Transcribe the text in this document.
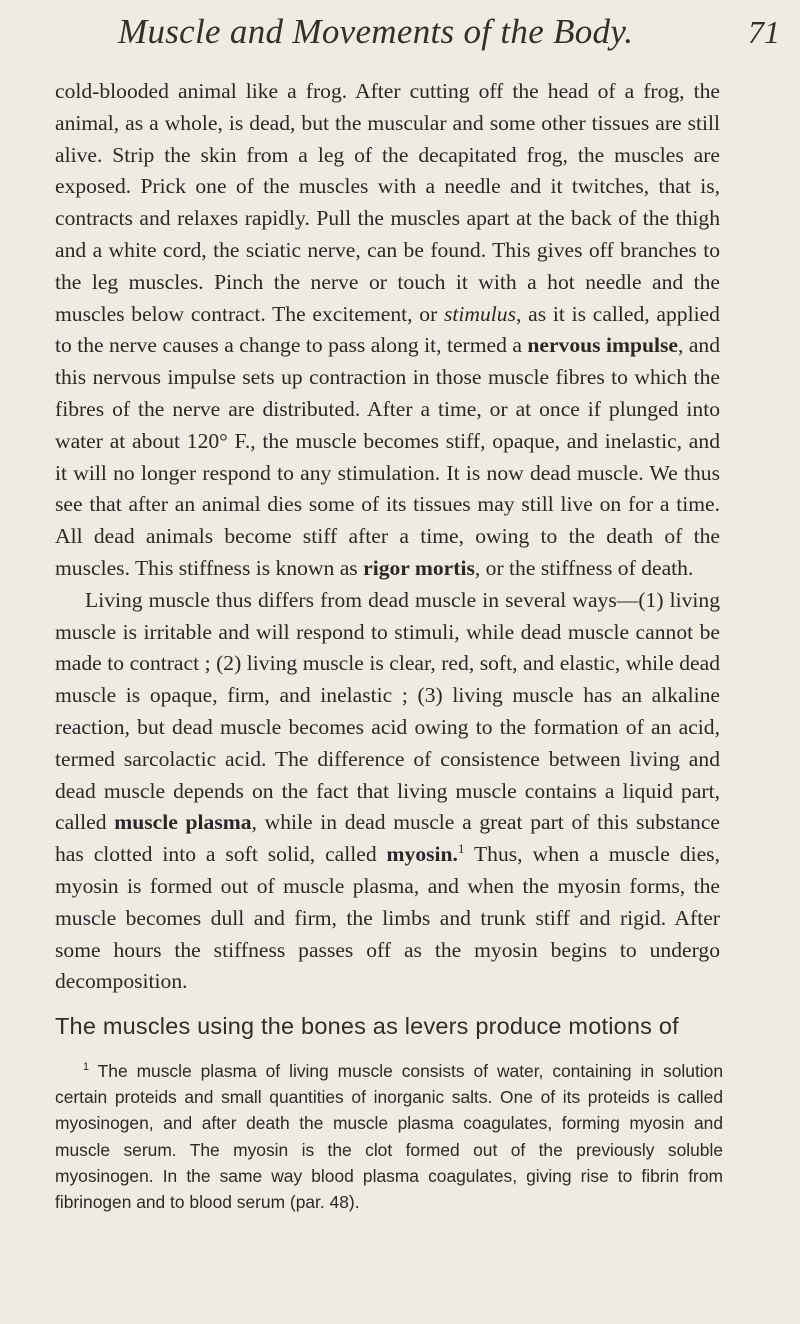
Muscle and Movements of the Body.	71

cold-blooded animal like a frog. After cutting off the head of a frog, the animal, as a whole, is dead, but the muscular and some other tissues are still alive. Strip the skin from a leg of the decapitated frog, the muscles are exposed. Prick one of the muscles with a needle and it twitches, that is, contracts and relaxes rapidly. Pull the muscles apart at the back of the thigh and a white cord, the sciatic nerve, can be found. This gives off branches to the leg muscles. Pinch the nerve or touch it with a hot needle and the muscles below contract. The excitement, or stimulus, as it is called, applied to the nerve causes a change to pass along it, termed a nervous impulse, and this nervous impulse sets up contraction in those muscle fibres to which the fibres of the nerve are distributed. After a time, or at once if plunged into water at about 120° F., the muscle becomes stiff, opaque, and inelastic, and it will no longer respond to any stimulation. It is now dead muscle. We thus see that after an animal dies some of its tissues may still live on for a time. All dead animals become stiff after a time, owing to the death of the muscles. This stiffness is known as rigor mortis, or the stiffness of death.

Living muscle thus differs from dead muscle in several ways—(1) living muscle is irritable and will respond to stimuli, while dead muscle cannot be made to contract ; (2) living muscle is clear, red, soft, and elastic, while dead muscle is opaque, firm, and inelastic ; (3) living muscle has an alkaline reaction, but dead muscle becomes acid owing to the formation of an acid, termed sarcolactic acid. The difference of consistence between living and dead muscle depends on the fact that living muscle contains a liquid part, called muscle plasma, while in dead muscle a great part of this substance has clotted into a soft solid, called myosin.$^1$ Thus, when a muscle dies, myosin is formed out of muscle plasma, and when the myosin forms, the muscle becomes dull and firm, the limbs and trunk stiff and rigid. After some hours the stiffness passes off as the myosin begins to undergo decomposition.

The muscles using the bones as levers produce motions of

$^1$ The muscle plasma of living muscle consists of water, containing in solution certain proteids and small quantities of inorganic salts. One of its proteids is called myosinogen, and after death the muscle plasma coagulates, forming myosin and muscle serum. The myosin is the clot formed out of the previously soluble myosinogen. In the same way blood plasma coagulates, giving rise to fibrin from fibrinogen and to blood serum (par. 48).
